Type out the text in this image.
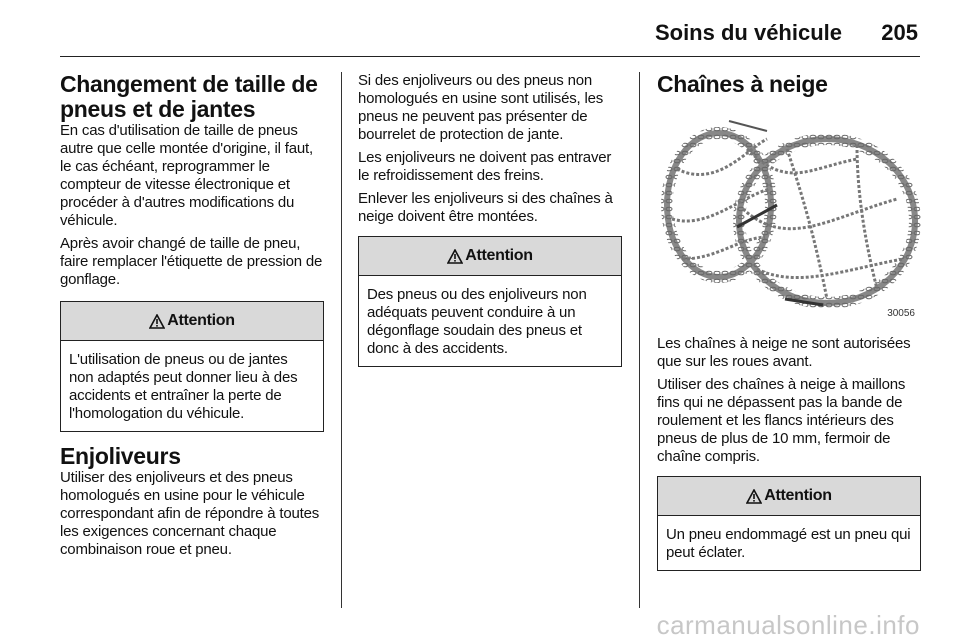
Soins du véhicule 205
Changement de taille de pneus et de jantes

En cas d'utilisation de taille de pneus autre que celle montée d'origine, il faut, le cas échéant, reprogrammer le compteur de vitesse électronique et procéder à d'autres modifications du véhicule.

Après avoir changé de taille de pneu, faire remplacer l'étiquette de pression de gonflage.

Attention
L'utilisation de pneus ou de jantes non adaptés peut donner lieu à des accidents et entraîner la perte de l'homologation du véhicule.
Enjoliveurs

Utiliser des enjoliveurs et des pneus homologués en usine pour le véhicule correspondant afin de répondre à toutes les exigences concernant chaque combinaison roue et pneu.

Si des enjoliveurs ou des pneus non homologués en usine sont utilisés, les pneus ne peuvent pas présenter de bourrelet de protection de jante.

Les enjoliveurs ne doivent pas entraver le refroidissement des freins.

Enlever les enjoliveurs si des chaînes à neige doivent être montées.

Attention
Des pneus ou des enjoliveurs non adéquats peuvent conduire à un dégonflage soudain des pneus et donc à des accidents.
Chaînes à neige
30056

Les chaînes à neige ne sont autorisées que sur les roues avant.

Utiliser des chaînes à neige à maillons fins qui ne dépassent pas la bande de roulement et les flancs intérieurs des pneus de plus de 10 mm, fermoir de chaîne compris.

Attention
Un pneu endommagé est un pneu qui peut éclater.
carmanualsonline.info
